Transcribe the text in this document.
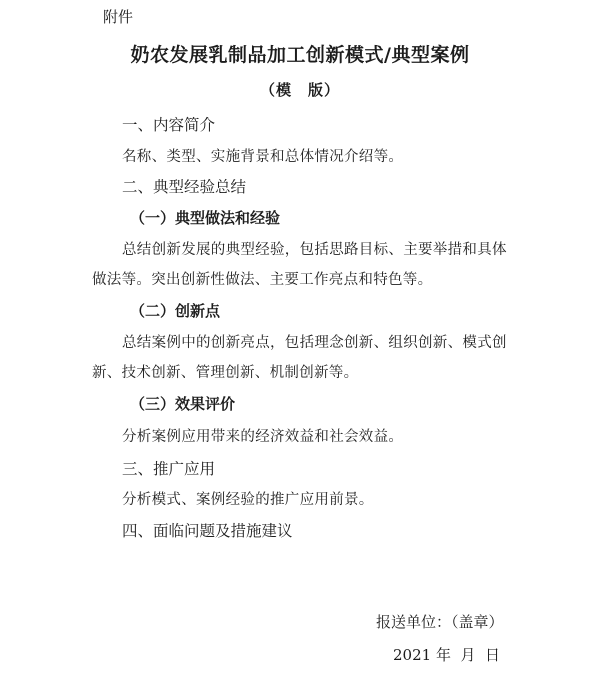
附件
奶农发展乳制品加工创新模式/典型案例
（模　版）
一、内容简介
名称、类型、实施背景和总体情况介绍等。
二、典型经验总结
（一）典型做法和经验
总结创新发展的典型经验，包括思路目标、主要举措和具体
做法等。突出创新性做法、主要工作亮点和特色等。
（二）创新点
总结案例中的创新亮点，包括理念创新、组织创新、模式创
新、技术创新、管理创新、机制创新等。
（三）效果评价
分析案例应用带来的经济效益和社会效益。
三、推广应用
分析模式、案例经验的推广应用前景。
四、面临问题及措施建议
报送单位：（盖章）
2021 年  月  日
